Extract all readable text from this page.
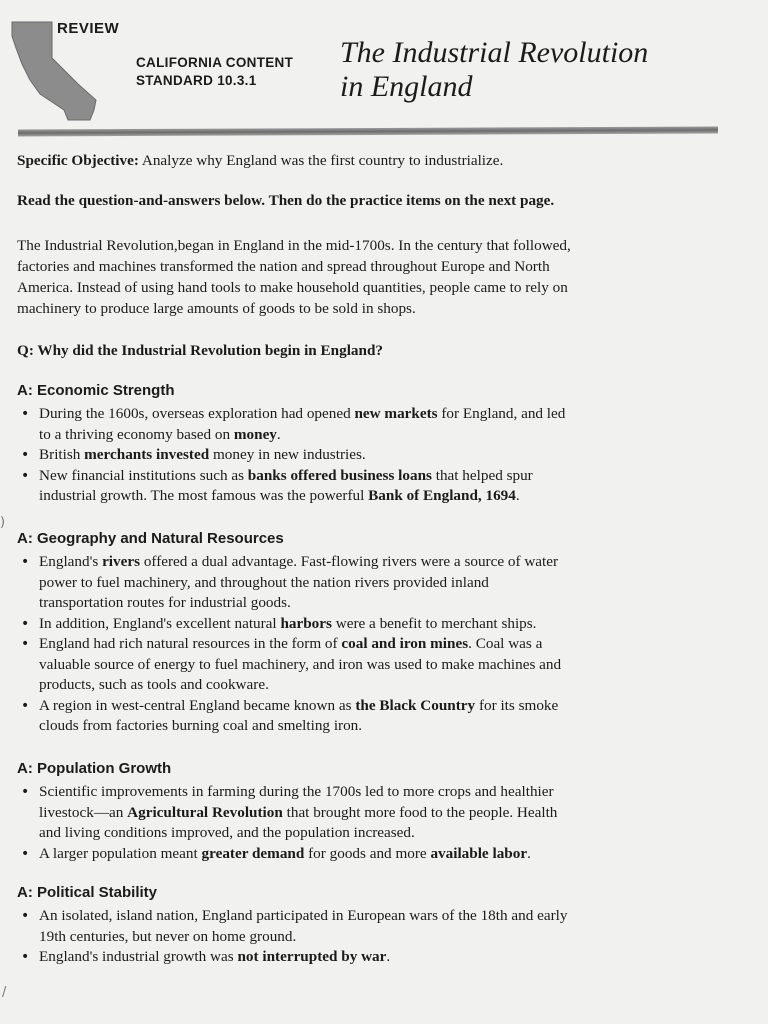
REVIEW
CALIFORNIA CONTENT
STANDARD 10.3.1
The Industrial Revolution
in England
Specific Objective: Analyze why England was the first country to industrialize.
Read the question-and-answers below. Then do the practice items on the next page.
The Industrial Revolution,began in England in the mid-1700s. In the century that followed, factories and machines transformed the nation and spread throughout Europe and North America. Instead of using hand tools to make household quantities, people came to rely on machinery to produce large amounts of goods to be sold in shops.
Q: Why did the Industrial Revolution begin in England?
A: Economic Strength
• During the 1600s, overseas exploration had opened new markets for England, and led to a thriving economy based on money.
• British merchants invested money in new industries.
• New financial institutions such as banks offered business loans that helped spur industrial growth. The most famous was the powerful Bank of England, 1694.
A: Geography and Natural Resources
• England's rivers offered a dual advantage. Fast-flowing rivers were a source of water power to fuel machinery, and throughout the nation rivers provided inland transportation routes for industrial goods.
• In addition, England's excellent natural harbors were a benefit to merchant ships.
• England had rich natural resources in the form of coal and iron mines. Coal was a valuable source of energy to fuel machinery, and iron was used to make machines and products, such as tools and cookware.
• A region in west-central England became known as the Black Country for its smoke clouds from factories burning coal and smelting iron.
A: Population Growth
• Scientific improvements in farming during the 1700s led to more crops and healthier livestock—an Agricultural Revolution that brought more food to the people. Health and living conditions improved, and the population increased.
• A larger population meant greater demand for goods and more available labor.
A: Political Stability
• An isolated, island nation, England participated in European wars of the 18th and early 19th centuries, but never on home ground.
• England's industrial growth was not interrupted by war.
)
/
